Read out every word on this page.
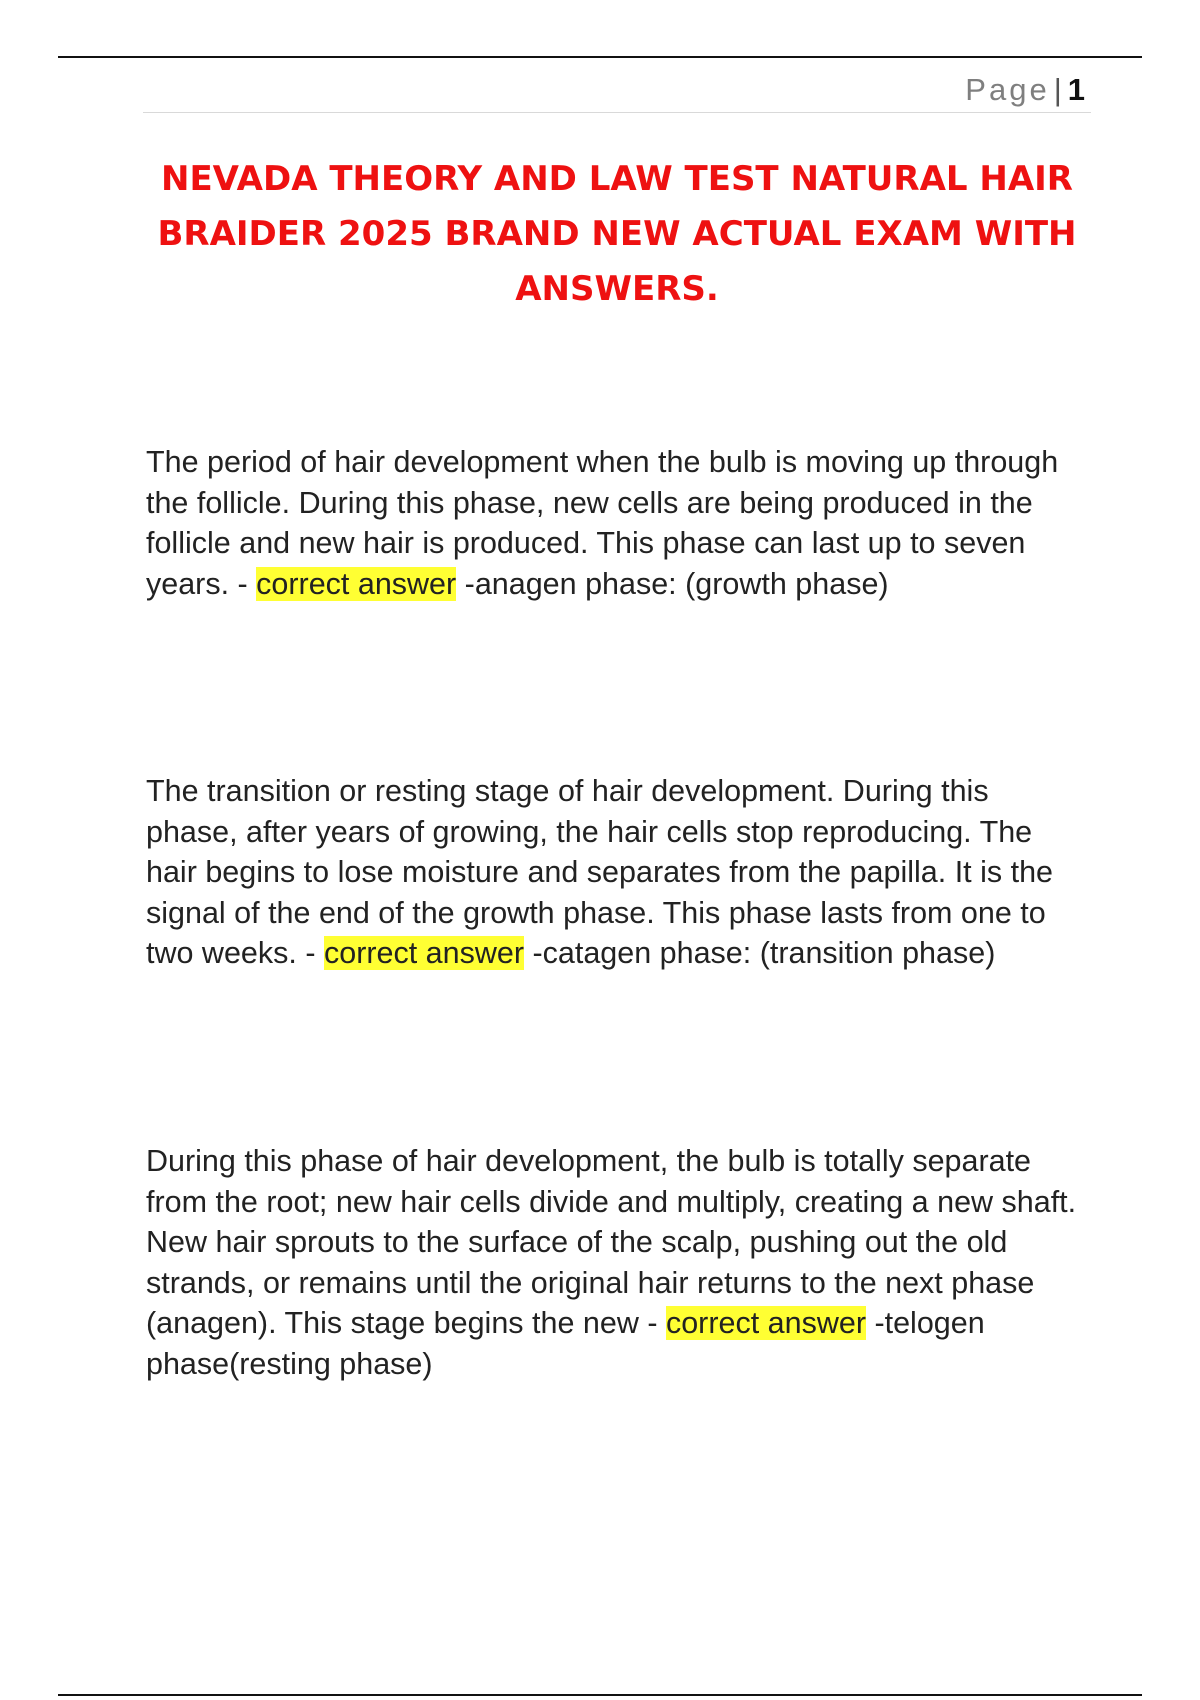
Page | 1
NEVADA THEORY AND LAW TEST NATURAL HAIR BRAIDER 2025 BRAND NEW ACTUAL EXAM WITH ANSWERS.

The period of hair development when the bulb is moving up through the follicle. During this phase, new cells are being produced in the follicle and new hair is produced. This phase can last up to seven years. - correct answer -anagen phase: (growth phase)

The transition or resting stage of hair development. During this phase, after years of growing, the hair cells stop reproducing. The hair begins to lose moisture and separates from the papilla. It is the signal of the end of the growth phase. This phase lasts from one to two weeks. - correct answer -catagen phase: (transition phase)

During this phase of hair development, the bulb is totally separate from the root; new hair cells divide and multiply, creating a new shaft. New hair sprouts to the surface of the scalp, pushing out the old strands, or remains until the original hair returns to the next phase (anagen). This stage begins the new - correct answer -telogen phase(resting phase)
